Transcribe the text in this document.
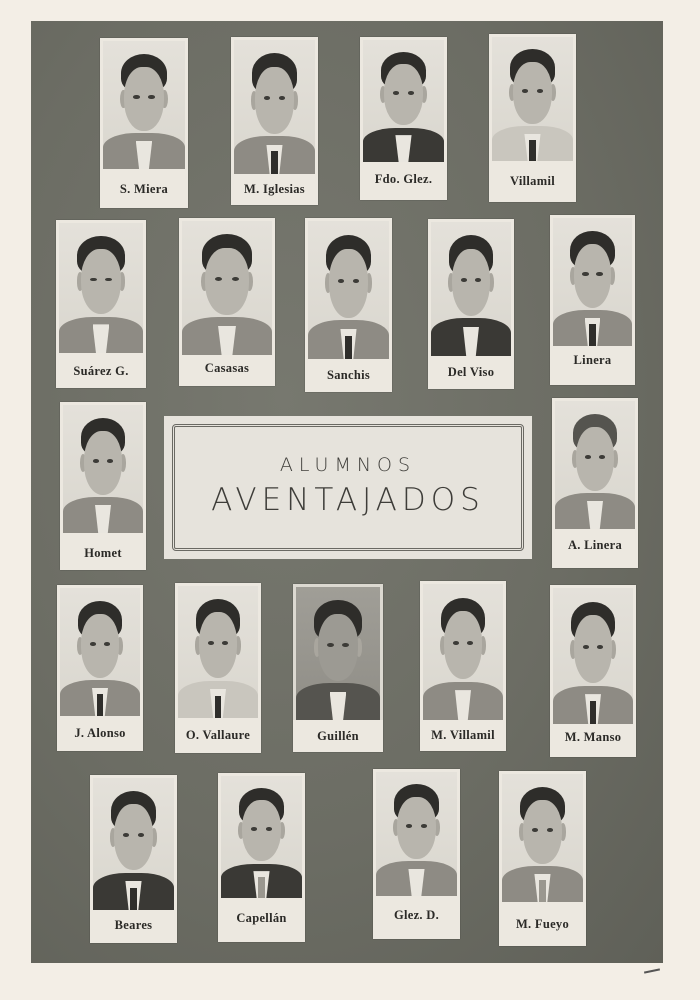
S. Miera	M. Iglesias
Fdo. Glez.	Villamil
Suárez G.	Casasas	Sanchis	Del Viso
Linera
Homet
ALUMNOS
AVENTAJADOS
A. Linera
J. Alonso	O. Vallaure	Guillén	M. Villamil	M. Manso
Beares	Capellán	Glez. D.
M. Fueyo
